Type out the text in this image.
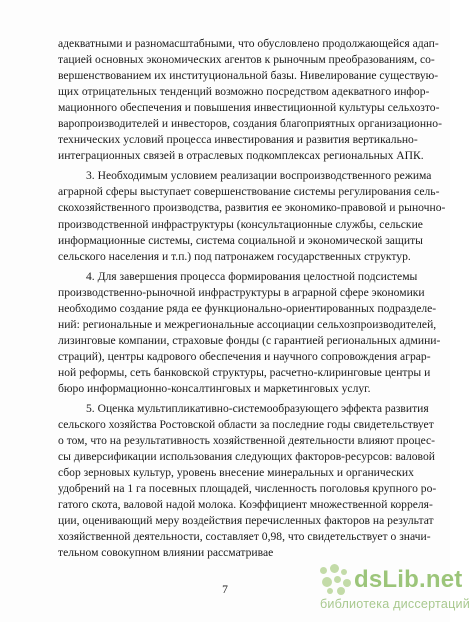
адекватными и разномасштабными, что обусловлено продолжающейся адап-
тацией основных экономических агентов к рыночным преобразованиям, со-
вершенствованием их институциональной базы. Нивелирование существую-
щих отрицательных тенденций возможно посредством адекватного инфор-
мационного обеспечения и повышения инвестиционной культуры сельхозто-
варопроизводителей и инвесторов, создания благоприятных организационно-
технических условий процесса инвестирования и развития вертикально-
интеграционных связей в отраслевых подкомплексах региональных АПК.
3. Необходимым условием реализации воспроизводственного режима
аграрной сферы выступает совершенствование системы регулирования сель-
скохозяйственного производства, развития ее экономико-правовой и рыночно-
производственной инфраструктуры (консультационные службы, сельские
информационные системы, система социальной и экономической защиты
сельского населения и т.п.) под патронажем государственных структур.
4. Для завершения процесса формирования целостной подсистемы
производственно-рыночной инфраструктуры в аграрной сфере экономики
необходимо создание ряда ее функционально-ориентированных подразделе-
ний: региональные и межрегиональные ассоциации сельхозпроизводителей,
лизинговые компании, страховые фонды (с гарантией региональных админи-
страций), центры кадрового обеспечения и научного сопровождения аграр-
ной реформы, сеть банковской структуры, расчетно-клиринговые центры и
бюро информационно-консалтинговых и маркетинговых услуг.
5. Оценка мультипликативно-системообразующего эффекта развития
сельского хозяйства Ростовской области за последние годы свидетельствует
о том, что на результативность хозяйственной деятельности влияют процес-
сы диверсификации использования следующих факторов-ресурсов: валовой
сбор зерновых культур, уровень внесение минеральных и органических
удобрений на 1 га посевных площадей, численность поголовья крупного ро-
гатого скота, валовой надой молока. Коэффициент множественной корреля-
ции, оценивающий меру воздействия перечисленных факторов на результат
хозяйственной деятельности, составляет 0,98, что свидетельствует о значи-
тельном совокупном влиянии рассматривае
7	dsLib.net
библиотека диссертаций
